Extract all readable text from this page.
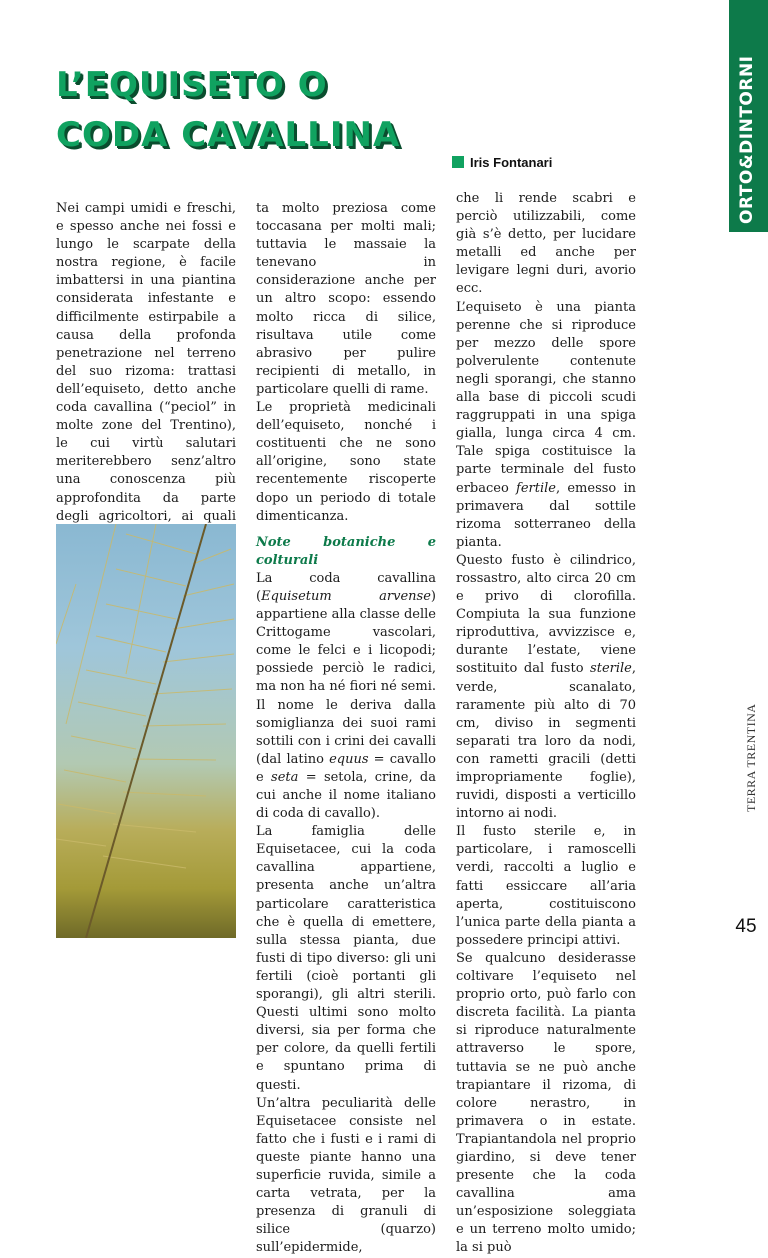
ORTO&DINTORNI
TERRA TRENTINA
45
L’EQUISETO O
CODA CAVALLINA
Iris Fontanari

Nei campi umidi e freschi, e spesso anche nei fossi e lungo le scarpate della nostra regione, è facile imbattersi in una piantina considerata infestante e difficilmente estirpabile a causa della profonda penetrazione nel terreno del suo rizoma: trattasi dell’equiseto, detto anche coda cavallina (“peciol” in molte zone del Trentino), le cui virtù salutari meriterebbero senz’altro una conoscenza più approfondita da parte degli agricoltori, ai quali

ta molto preziosa come toccasana per molti mali; tuttavia le massaie la tenevano in considerazione anche per un altro scopo: essendo molto ricca di silice, risultava utile come abrasivo per pulire recipienti di metallo, in particolare quelli di rame.

Le proprietà medicinali dell’equiseto, nonché i costituenti che ne sono all’origine, sono state recentemente riscoperte dopo un periodo di totale dimenticanza.

Note botaniche e colturali

La coda cavallina (Equisetum arvense) appartiene alla classe delle Crittogame vascolari, come le felci e i licopodi; possiede perciò le radici, ma non ha né fiori né semi. Il nome le deriva dalla somiglianza dei suoi rami sottili con i crini dei cavalli (dal latino equus = cavallo e seta = setola, crine, da cui anche il nome italiano di coda di cavallo).

La famiglia delle Equisetacee, cui la coda cavallina appartiene, presenta anche un’altra particolare caratteristica che è quella di emettere, sulla stessa pianta, due fusti di tipo diverso: gli uni fertili (cioè portanti gli sporangi), gli altri sterili. Questi ultimi sono molto diversi, sia per forma che per colore, da quelli fertili e spuntano prima di questi.

Un’altra peculiarità delle Equisetacee consiste nel fatto che i fusti e i rami di queste piante hanno una superficie ruvida, simile a carta vetrata, per la presenza di granuli di silice (quarzo) sull’epidermide,

che li rende scabri e perciò utilizzabili, come già s’è detto, per lucidare metalli ed anche per levigare legni duri, avorio ecc.

L’equiseto è una pianta perenne che si riproduce per mezzo delle spore polverulente contenute negli sporangi, che stanno alla base di piccoli scudi raggruppati in una spiga gialla, lunga circa 4 cm. Tale spiga costituisce la parte terminale del fusto erbaceo fertile, emesso in primavera dal sottile rizoma sotterraneo della pianta.

Questo fusto è cilindrico, rossastro, alto circa 20 cm e privo di clorofilla. Compiuta la sua funzione riproduttiva, avvizzisce e, durante l’estate, viene sostituito dal fusto sterile, verde, scanalato, raramente più alto di 70 cm, diviso in segmenti separati tra loro da nodi, con rametti gracili (detti impropriamente foglie), ruvidi, disposti a verticillo intorno ai nodi.

Il fusto sterile e, in particolare, i ramoscelli verdi, raccolti a luglio e fatti essiccare all’aria aperta, costituiscono l’unica parte della pianta a possedere principi attivi.

Se qualcuno desiderasse coltivare l’equiseto nel proprio orto, può farlo con discreta facilità. La pianta si riproduce naturalmente attraverso le spore, tuttavia se ne può anche trapiantare il rizoma, di colore nerastro, in primavera o in estate. Trapiantandola nel proprio giardino, si deve tener presente che la coda cavallina ama un’esposizione soleggiata e un terreno molto umido; la si può
